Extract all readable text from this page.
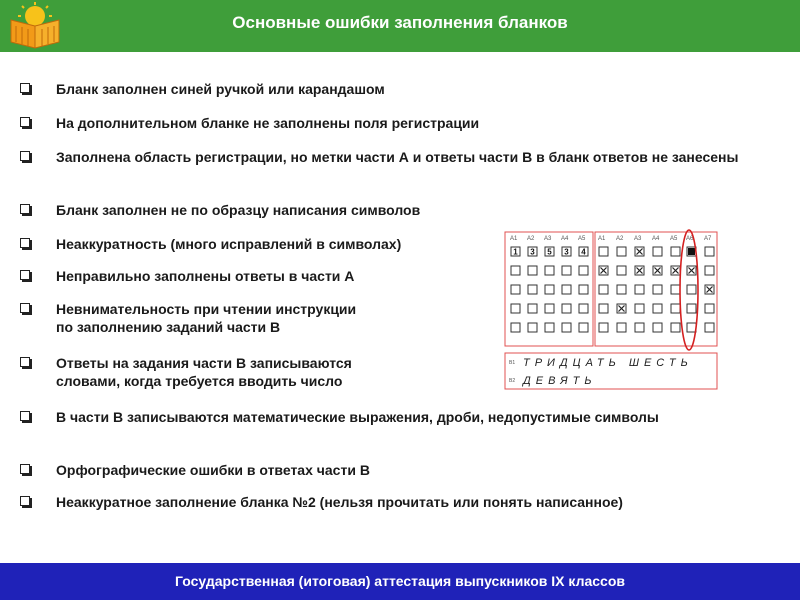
Основные ошибки заполнения бланков
Бланк заполнен синей ручкой или карандашом
На дополнительном бланке не заполнены поля регистрации
Заполнена область регистрации, но метки части А и ответы части В в бланк ответов не занесены
Бланк заполнен не по образцу написания символов
Неаккуратность (много исправлений в символах)
Неправильно заполнены ответы в части А
Невнимательность при чтении инструкции
по заполнению заданий части В
Ответы на задания части В записываются
словами, когда требуется вводить число
В части В записываются математические выражения, дроби, недопустимые символы
Орфографические ошибки в ответах части В
Неаккуратное заполнение бланка №2 (нельзя прочитать или понять написанное)
А1 А2 А3 А4 А5 А1 А2 А3 А4 А5 А6 А7
1 3 5 3 4
В1 ТРИДЦАТЬ ШЕСТЬ
В2 ДЕВЯТЬ
Государственная (итоговая) аттестация выпускников IX классов
